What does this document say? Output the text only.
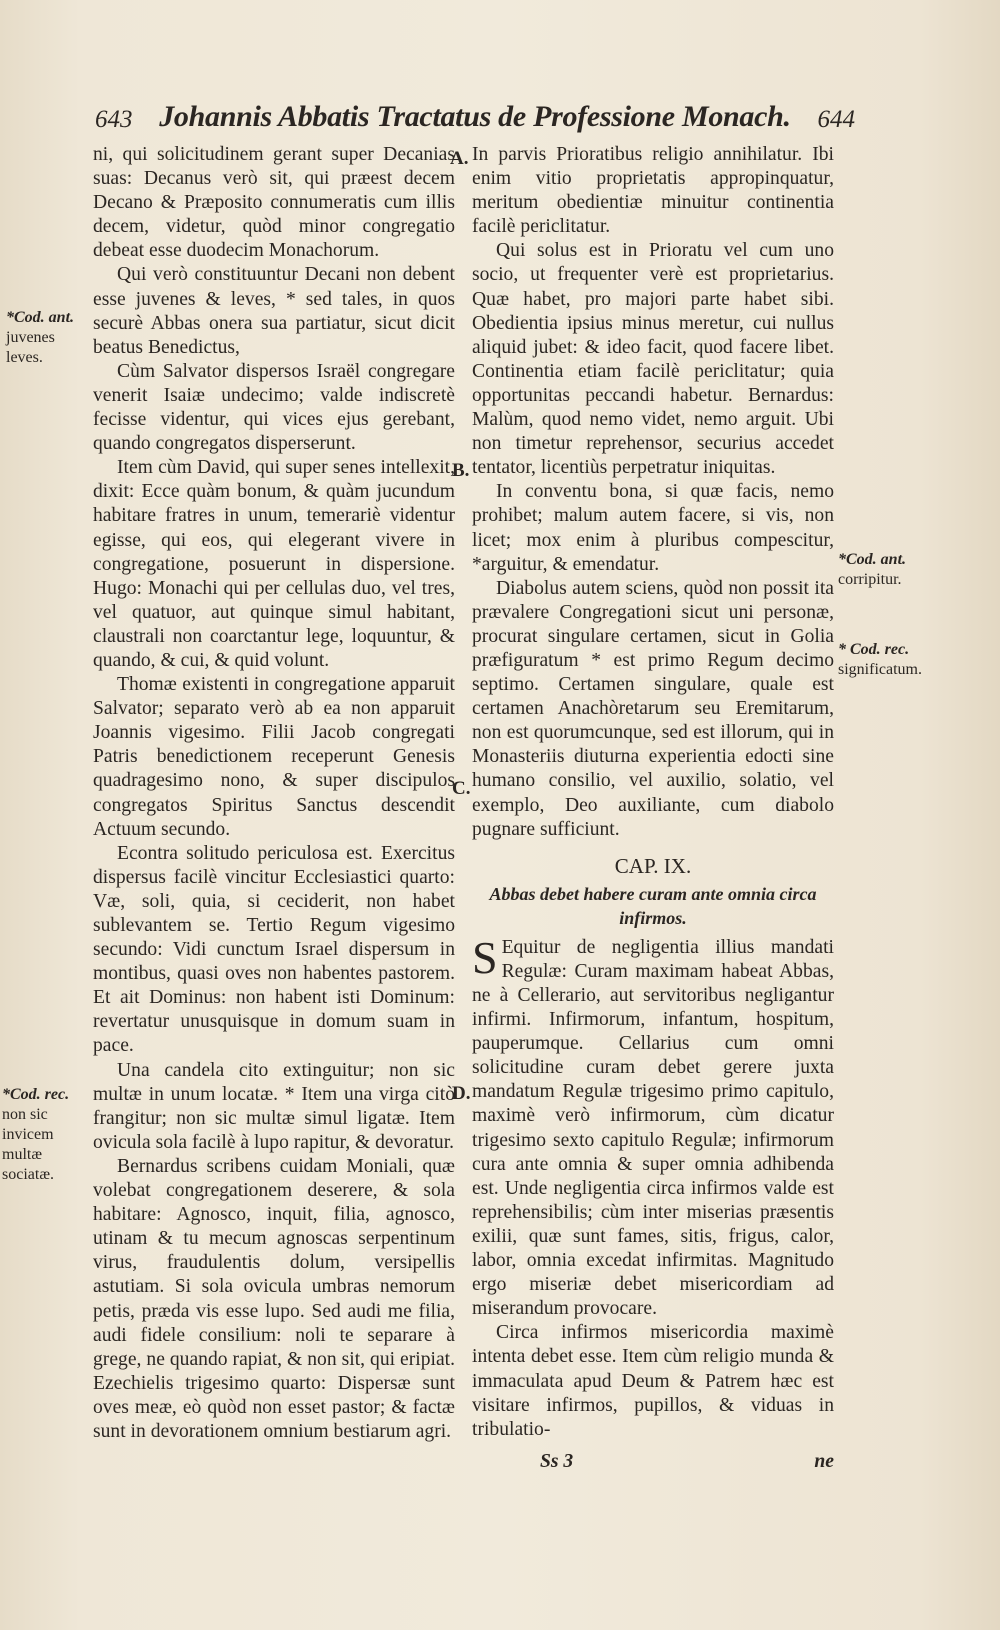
643 Johannis Abbatis Tractatus de Professione Monach.	644

ni, qui solicitudinem gerant super Decanias suas: Decanus verò sit, qui præest decem Decano & Præposito connumeratis cum illis decem, videtur, quòd minor congregatio debeat esse duodecim Monachorum.

Qui verò constituuntur Decani non debent esse juvenes & leves, * sed tales, in quos securè Abbas onera sua partiatur, sicut dicit beatus Benedictus,

Cùm Salvator dispersos Israël congregare venerit Isaiæ undecimo; valde indiscretè fecisse videntur, qui vices ejus gerebant, quando congregatos disperserunt.

Item cùm David, qui super senes intellexit, dixit: Ecce quàm bonum, & quàm jucundum habitare fratres in unum, temerariè videntur egisse, qui eos, qui elegerant vivere in congregatione, posuerunt in dispersione. Hugo: Monachi qui per cellulas duo, vel tres, vel quatuor, aut quinque simul habitant, claustrali non coarctantur lege, loquuntur, & quando, & cui, & quid volunt.

Thomæ existenti in congregatione apparuit Salvator; separato verò ab ea non apparuit Joannis vigesimo. Filii Jacob congregati Patris benedictionem receperunt Genesis quadragesimo nono, & super discipulos congregatos Spiritus Sanctus descendit Actuum secundo.

Econtra solitudo periculosa est. Exercitus dispersus facilè vincitur Ecclesiastici quarto: Væ, soli, quia, si ceciderit, non habet sublevantem se. Tertio Regum vigesimo secundo: Vidi cunctum Israel dispersum in montibus, quasi oves non habentes pastorem. Et ait Dominus: non habent isti Dominum: revertatur unusquisque in domum suam in pace.

Una candela cito extinguitur; non sic multæ in unum locatæ. * Item una virga citò frangitur; non sic multæ simul ligatæ. Item ovicula sola facilè à lupo rapitur, & devoratur.

Bernardus scribens cuidam Moniali, quæ volebat congregationem deserere, & sola habitare: Agnosco, inquit, filia, agnosco, utinam & tu mecum agnoscas serpentinum virus, fraudulentis dolum, versipellis astutiam. Si sola ovicula umbras nemorum petis, præda vis esse lupo. Sed audi me filia, audi fidele consilium: noli te separare à grege, ne quando rapiat, & non sit, qui eripiat. Ezechielis trigesimo quarto: Dispersæ sunt oves meæ, eò quòd non esset pastor; & factæ sunt in devorationem omnium bestiarum agri.

In parvis Prioratibus religio annihilatur. Ibi enim vitio proprietatis appropinquatur, meritum obedientiæ minuitur continentia facilè periclitatur.

Qui solus est in Prioratu vel cum uno socio, ut frequenter verè est proprietarius. Quæ habet, pro majori parte habet sibi. Obedientia ipsius minus meretur, cui nullus aliquid jubet: & ideo facit, quod facere libet. Continentia etiam facilè periclitatur; quia opportunitas peccandi habetur. Bernardus: Malùm, quod nemo videt, nemo arguit. Ubi non timetur reprehensor, securius accedet tentator, licentiùs perpetratur iniquitas.

In conventu bona, si quæ facis, nemo prohibet; malum autem facere, si vis, non licet; mox enim à pluribus compescitur, *arguitur, & emendatur.

Diabolus autem sciens, quòd non possit ita prævalere Congregationi sicut uni personæ, procurat singulare certamen, sicut in Golia præfiguratum * est primo Regum decimo septimo. Certamen singulare, quale est certamen Anachòretarum seu Eremitarum, non est quorumcunque, sed est illorum, qui in Monasteriis diuturna experientia edocti sine humano consilio, vel auxilio, solatio, vel exemplo, Deo auxiliante, cum diabolo pugnare sufficiunt.

CAP. IX.
Abbas debet habere curam ante omnia circa infirmos.

S Equitur de negligentia illius mandati Regulæ: Curam maximam habeat Abbas, ne à Cellerario, aut servitoribus negligantur infirmi. Infirmorum, infantum, hospitum, pauperumque. Cellarius cum omni solicitudine curam debet gerere juxta mandatum Regulæ trigesimo primo capitulo, maximè verò infirmorum, cùm dicatur trigesimo sexto capitulo Regulæ; infirmorum cura ante omnia & super omnia adhibenda est. Unde negligentia circa infirmos valde est reprehensibilis; cùm inter miserias præsentis exilii, quæ sunt fames, sitis, frigus, calor, labor, omnia excedat infirmitas. Magnitudo ergo miseriæ debet misericordiam ad miserandum provocare.

Circa infirmos misericordia maximè intenta debet esse. Item cùm religio munda & immaculata apud Deum & Patrem hæc est visitare infirmos, pupillos, & viduas in tribulatio-

Ss 3	ne
*Cod. ant.
juvenes leves.
*Cod. rec.
non sic invicem multæ sociatæ.
*Cod. ant.
corripitur.
* Cod. rec.
significatum.
A.
B.
C.
D.
